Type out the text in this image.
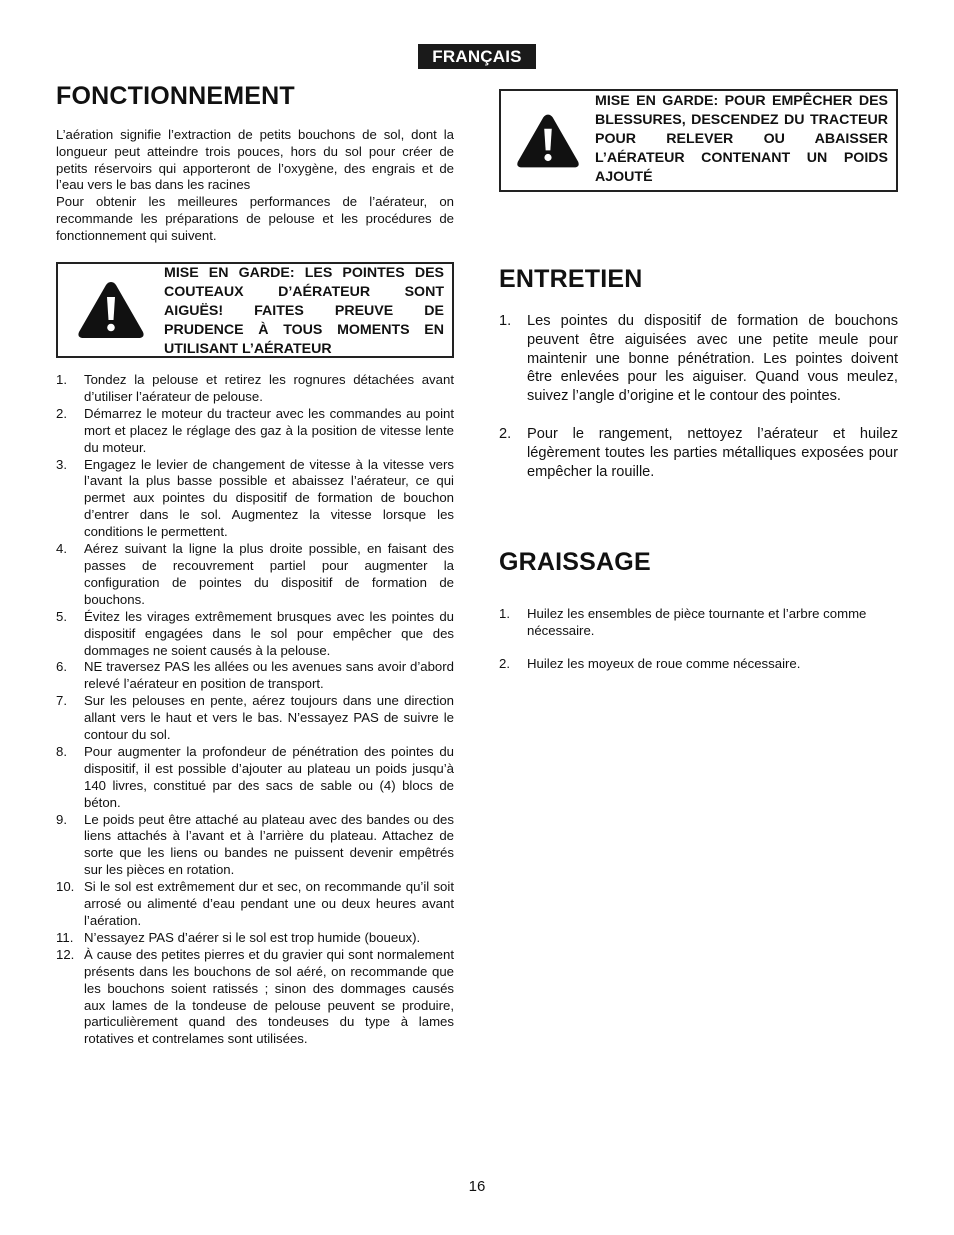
FRANÇAIS
FONCTIONNEMENT

L’aération signifie l’extraction de petits bouchons de sol, dont la longueur peut atteindre trois pouces, hors du sol pour créer de petits réservoirs qui apporteront de l’oxygène, des engrais et de l’eau vers le bas dans les racines

Pour obtenir les meilleures performances de l’aérateur, on recommande les préparations de pelouse et les procédures de fonctionnement qui suivent.

MISE EN GARDE: LES POINTES DES COUTEAUX D’AÉRATEUR SONT AIGUËS! FAITES PREUVE DE PRUDENCE À TOUS MOMENTS EN UTILISANT L’AÉRATEUR
1.	Tondez la pelouse et retirez les rognures détachées avant d’utiliser l’aérateur de pelouse.
2.	Démarrez le moteur du tracteur avec les commandes au point mort et placez le réglage des gaz à la position de vitesse lente du moteur.
3.	Engagez le levier de changement de vitesse à la vitesse vers l’avant la plus basse possible et abaissez l’aérateur, ce qui permet aux pointes du dispositif de formation de bouchon d’entrer dans le sol. Augmentez la vitesse lorsque les conditions le permettent.
4.	Aérez suivant la ligne la plus droite possible, en faisant des passes de recouvrement partiel pour augmenter la configuration de pointes du dispositif de formation de bouchons.
5.	Évitez les virages extrêmement brusques avec les pointes du dispositif engagées dans le sol pour empêcher que des dommages ne soient causés à la pelouse.
6.	NE traversez PAS les allées ou les avenues sans avoir d’abord relevé l’aérateur en position de transport.
7.	Sur les pelouses en pente, aérez toujours dans une direction allant vers le haut et vers le bas. N’essayez PAS de suivre le contour du sol.
8.	Pour augmenter la profondeur de pénétration des pointes du dispositif, il est possible d’ajouter au plateau un poids jusqu’à 140 livres, constitué par des sacs de sable ou (4) blocs de béton.
9.	Le poids peut être attaché au plateau avec des bandes ou des liens attachés à l’avant et à l’arrière du plateau. Attachez de sorte que les liens ou bandes ne puissent devenir empêtrés sur les pièces en rotation.
10. Si le sol est extrêmement dur et sec, on recommande qu’il soit arrosé ou alimenté d’eau pendant une ou deux heures avant l’aération.
11. N’essayez PAS d’aérer si le sol est trop humide (boueux).
12. À cause des petites pierres et du gravier qui sont normalement présents dans les bouchons de sol aéré, on recommande que les bouchons soient ratissés ; sinon des dommages causés aux lames de la tondeuse de pelouse peuvent se produire, particulièrement quand des tondeuses du type à lames rotatives et contrelames sont utilisées.
MISE EN GARDE: POUR EMPÊCHER DES BLESSURES, DESCENDEZ DU TRACTEUR POUR RELEVER OU ABAISSER L’AÉRATEUR CONTENANT UN POIDS AJOUTÉ
ENTRETIEN
1.	Les pointes du dispositif de formation de bouchons peuvent être aiguisées avec une petite meule pour maintenir une bonne pénétration. Les pointes doivent être enlevées pour les aiguiser. Quand vous meulez, suivez l’angle d’origine et le contour des pointes.
2.	Pour le rangement, nettoyez l’aérateur et huilez légèrement toutes les parties métalliques exposées pour empêcher la rouille.
GRAISSAGE
1.	Huilez les ensembles de pièce tournante et l’arbre comme nécessaire.
2.	Huilez les moyeux de roue comme nécessaire.
16
